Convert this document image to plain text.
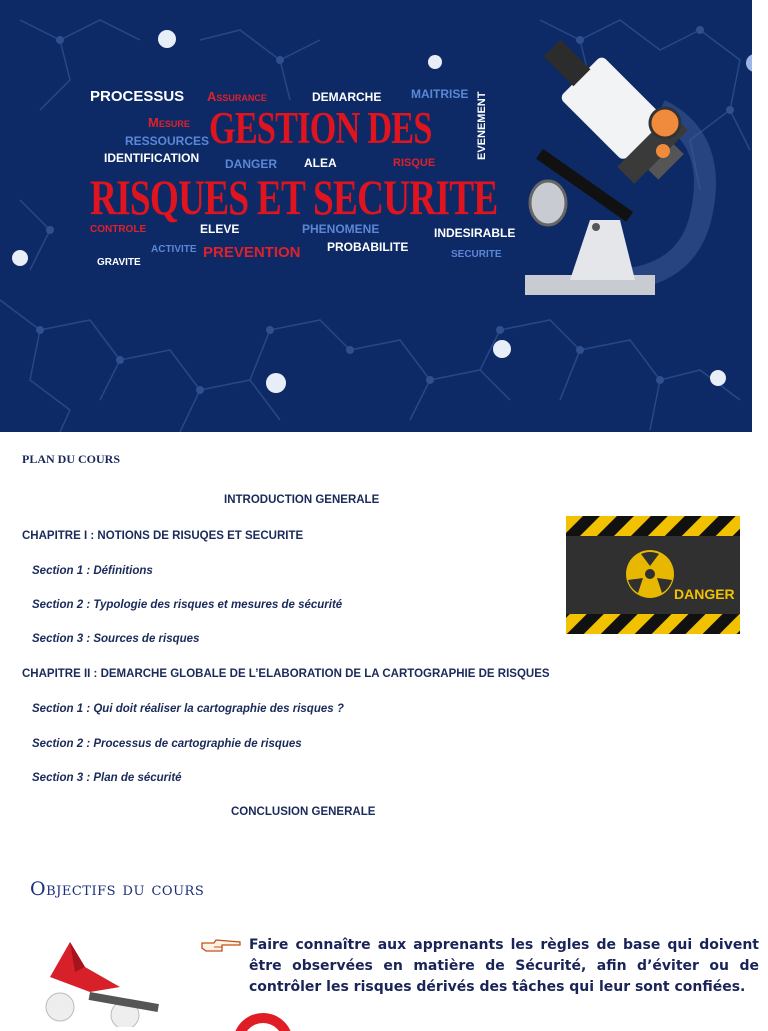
PROCESSUS Assurance	DEMARCHE MAITRISE EVENEMENT
Mesure
RESSOURCES
IDENTIFICATION DANGER ALEA	RISQUE
GESTION DES
RISQUES ET SECURITE
CONTROLE	ELEVE	PHENOMENE	INDESIRABLE
ACTIVITE PREVENTION PROBABILITE
SECURITE
GRAVITE
PLAN DU COURS
INTRODUCTION GENERALE
CHAPITRE I : NOTIONS DE RISUQES ET SECURITE
Section 1 : Définitions
Section 2 : Typologie des risques et mesures de sécurité
Section 3 : Sources de risques
CHAPITRE II : DEMARCHE GLOBALE DE L’ELABORATION DE LA CARTOGRAPHIE DE RISQUES
Section 1 : Qui doit réaliser la cartographie des risques ?
Section 2 : Processus de cartographie de risques
Section 3 : Plan de sécurité
CONCLUSION GENERALE
DANGER
Objectifs du cours
Faire connaître aux apprenants les règles de base qui doivent être observées en matière de Sécurité, afin d’éviter ou de contrôler les risques dérivés des tâches qui leur sont confiées.
